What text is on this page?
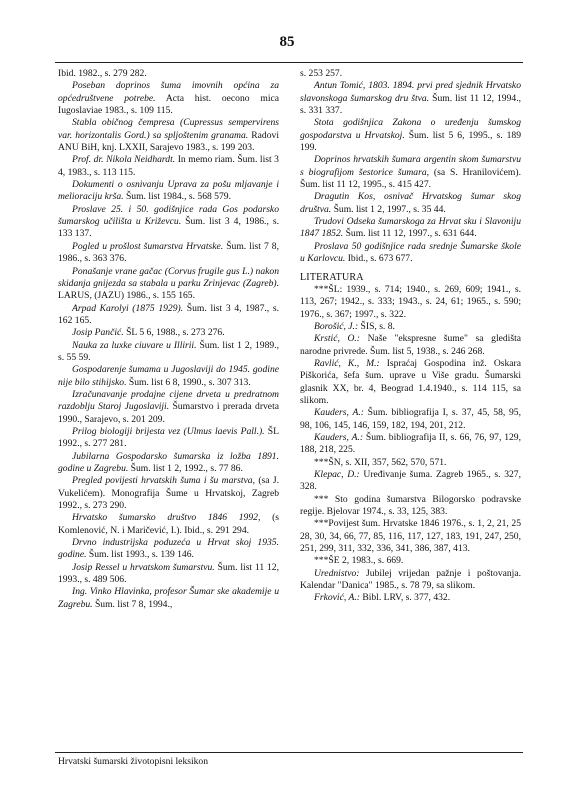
85

Ibid. 1982., s. 279 282.

Poseban doprinos šuma imovnih općina za općedruštvene potrebe. Acta hist. oecono mica Iugoslaviae 1983., s. 109 115.

Stabla običnog čempresa (Cupressus sempervirens var. horizontalis Gord.) sa spljoštenim granama. Radovi ANU BiH, knj. LXXII, Sarajevo 1983., s. 199 203.

Prof. dr. Nikola Neidhardt. In memo riam. Šum. list 3 4, 1983., s. 113 115.

Dokumenti o osnivanju Uprava za pošu mljavanje i melioraciju krša. Šum. list 1984., s. 568 579.

Proslave 25. i 50. godišnjice rada Gos podarsko šumarskog učilišta u Križevcu. Šum. list 3 4, 1986., s. 133 137.

Pogled u prošlost šumarstva Hrvatske. Šum. list 7 8, 1986., s. 363 376.

Ponašanje vrane gačac (Corvus frugile gus L.) nakon skidanja gnijezda sa stabala u parku Zrinjevac (Zagreb). LARUS, (JAZU) 1986., s. 155 165.

Arpad Karolyi (1875 1929). Šum. list 3 4, 1987., s. 162 165.

Josip Pančić. ŠL 5 6, 1988., s. 273 276.

Nauka za luxke ciuvare u Illirii. Šum. list 1 2, 1989., s. 55 59.

Gospodarenje šumama u Jugoslaviji do 1945. godine nije bilo stihijsko. Šum. list 6 8, 1990., s. 307 313.

Izračunavanje prodajne cijene drveta u predratnom razdoblju Staroj Jugoslaviji. Šumarstvo i prerada drveta 1990., Sarajevo, s. 201 209.

Prilog biologiji brijesta vez (Ulmus laevis Pall.). ŠL 1992., s. 277 281.

Jubilarna Gospodarsko šumarska iz ložba 1891. godine u Zagrebu. Šum. list 1 2, 1992., s. 77 86.

Pregled povijesti hrvatskih šuma i šu marstva, (sa J. Vukelićem). Monografija Šume u Hrvatskoj, Zagreb 1992., s. 273 290.

Hrvatsko šumarsko društvo 1846 1992, (s Komlenović, N. i Maričević, I.). Ibid., s. 291 294.

Drvno industrijska poduzeća u Hrvat skoj 1935. godine. Šum. list 1993., s. 139 146.

Josip Ressel u hrvatskom šumarstvu. Šum. list 11 12, 1993., s. 489 506.

Ing. Vinko Hlavinka, profesor Šumar ske akademije u Zagrebu. Šum. list 7 8, 1994.,

s. 253 257.

Antun Tomić, 1803. 1894. prvi pred sjednik Hrvatsko slavonskoga šumarskog dru štva. Šum. list 11 12, 1994., s. 331 337.

Stota godišnjica Zakona o uređenju šumskog gospodarstva u Hrvatskoj. Šum. list 5 6, 1995., s. 189 199.

Doprinos hrvatskih šumara argentin skom šumarstvu s biografijom šestorice šumara, (sa S. Hranilovićem). Šum. list 11 12, 1995., s. 415 427.

Dragutin Kos, osnivač Hrvatskog šumar skog društva. Šum. list 1 2, 1997., s. 35 44.

Trudovi Odseka šumarskoga za Hrvat sku i Slavoniju 1847 1852. Šum. list 11 12, 1997., s. 631 644.

Proslava 50 godišnjice rada srednje Šumarske škole u Karlovcu. Ibid., s. 673 677.

LITERATURA

***ŠL: 1939., s. 714; 1940., s. 269, 609; 1941., s. 113, 267; 1942., s. 333; 1943., s. 24, 61; 1965., s. 590; 1976., s. 367; 1997., s. 322.

Borošić, J.: ŠIS, s. 8.

Krstić, O.: Naše "ekspresne šume" sa gledišta narodne privrede. Šum. list 5, 1938., s. 246 268.

Ravlić, K., M.: Ispraćaj Gospodina inž. Oskara Piškorića, šefa šum. uprave u Više gradu. Šumarski glasnik XX, br. 4, Beograd 1.4.1940., s. 114 115, sa slikom.

Kauders, A.: Šum. bibliografija I, s. 37, 45, 58, 95, 98, 106, 145, 146, 159, 182, 194, 201, 212.

Kauders, A.: Šum. bibliografija II, s. 66, 76, 97, 129, 188, 218, 225.

***ŠN, s. XII, 357, 562, 570, 571.

Klepac, D.: Uređivanje šuma. Zagreb 1965., s. 327, 328.

*** Sto godina šumarstva Bilogorsko podravske regije. Bjelovar 1974., s. 33, 125, 383.

***Povijest šum. Hrvatske 1846 1976., s. 1, 2, 21, 25 28, 30, 34, 66, 77, 85, 116, 117, 127, 183, 191, 247, 250, 251, 299, 311, 332, 336, 341, 386, 387, 413.

***ŠE 2, 1983., s. 669.

Urednistvo: Jubilej vrijedan pažnje i poštovanja. Kalendar "Danica" 1985., s. 78 79, sa slikom.

Frković, A.: Bibl. LRV, s. 377, 432.

Hrvatski šumarski životopisni leksikon
